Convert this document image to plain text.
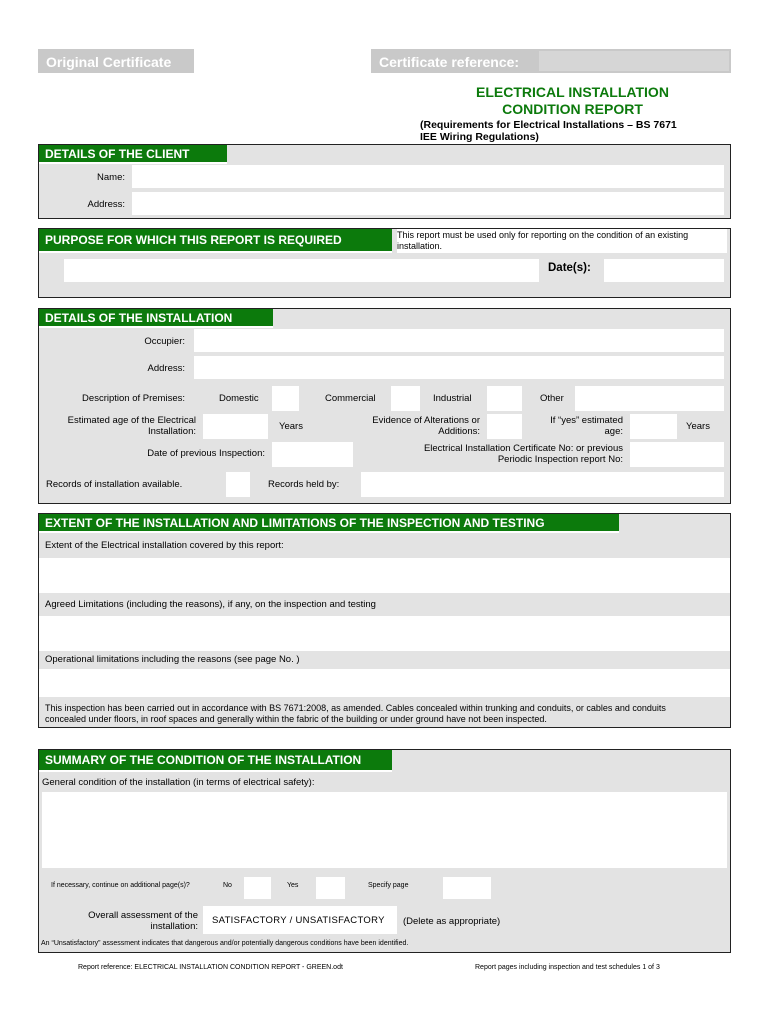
Original Certificate	Certificate reference:
ELECTRICAL INSTALLATION
CONDITION REPORT
(Requirements for Electrical Installations – BS 7671
IEE Wiring Regulations)
DETAILS OF THE CLIENT
Name:
Address:
PURPOSE FOR WHICH THIS REPORT IS REQUIRED	This report must be used only for reporting on the condition of an existing installation.
Date(s):
DETAILS OF THE INSTALLATION
Occupier:
Address:
Description of Premises:	Domestic	Commercial	Industrial	Other
Estimated age of the Electrical
Installation:	Years
Evidence of Alterations or
Additions:
If “yes” estimated
age:	Years
Date of previous Inspection:	Electrical Installation Certificate No: or previous
Periodic Inspection report No:
Records of installation available.	Records held by:
EXTENT OF THE INSTALLATION AND LIMITATIONS OF THE INSPECTION AND TESTING
Extent of the Electrical installation covered by this report:
Agreed Limitations (including the reasons), if any, on the inspection and testing
Operational limitations including the reasons (see page No. )
This inspection has been carried out in accordance with BS 7671:2008, as amended. Cables concealed within trunking and conduits, or cables and conduits
concealed under floors, in roof spaces and generally within the fabric of the building or under ground have not been inspected.
SUMMARY OF THE CONDITION OF THE INSTALLATION
General condition of the installation (in terms of electrical safety):
If necessary, continue on additional page(s)?	No	Yes	Specify page
Overall assessment of the
installation:
SATISFACTORY / UNSATISFACTORY (Delete as appropriate)
An “Unsatisfactory” assessment indicates that dangerous and/or potentially dangerous conditions have been identified.
Report reference: ELECTRICAL INSTALLATION CONDITION REPORT - GREEN.odt	Report pages including inspection and test schedules 1 of 3
